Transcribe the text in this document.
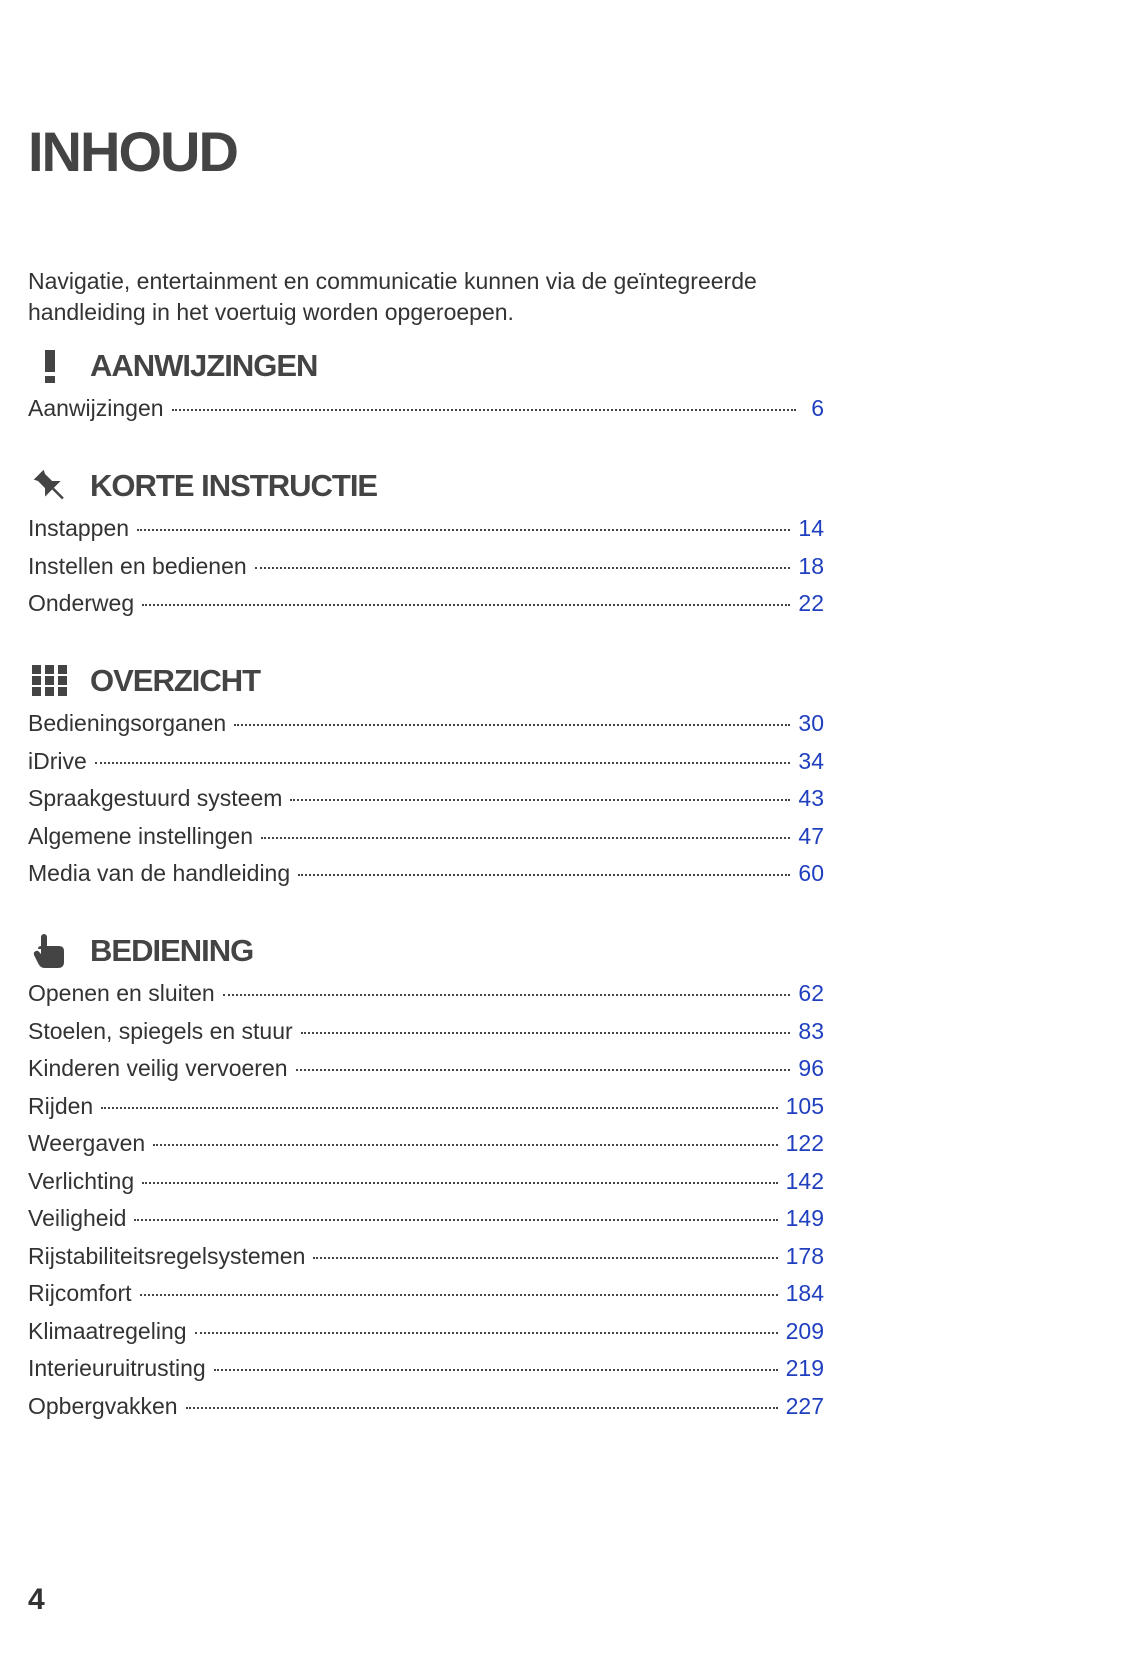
INHOUD

Navigatie, entertainment en communicatie kunnen via de geïntegreerde handleiding in het voertuig worden opgeroepen.

AANWIJZINGEN
Aanwijzingen	6
KORTE INSTRUCTIE
Instappen	14
Instellen en bedienen	18
Onderweg	22
OVERZICHT
Bedieningsorganen	30
iDrive	34
Spraakgestuurd systeem	43
Algemene instellingen	47
Media van de handleiding	60
BEDIENING
Openen en sluiten	62
Stoelen, spiegels en stuur	83
Kinderen veilig vervoeren	96
Rijden	105
Weergaven	122
Verlichting	142
Veiligheid	149
Rijstabiliteitsregelsystemen	178
Rijcomfort	184
Klimaatregeling	209
Interieuruitrusting	219
Opbergvakken	227
4
